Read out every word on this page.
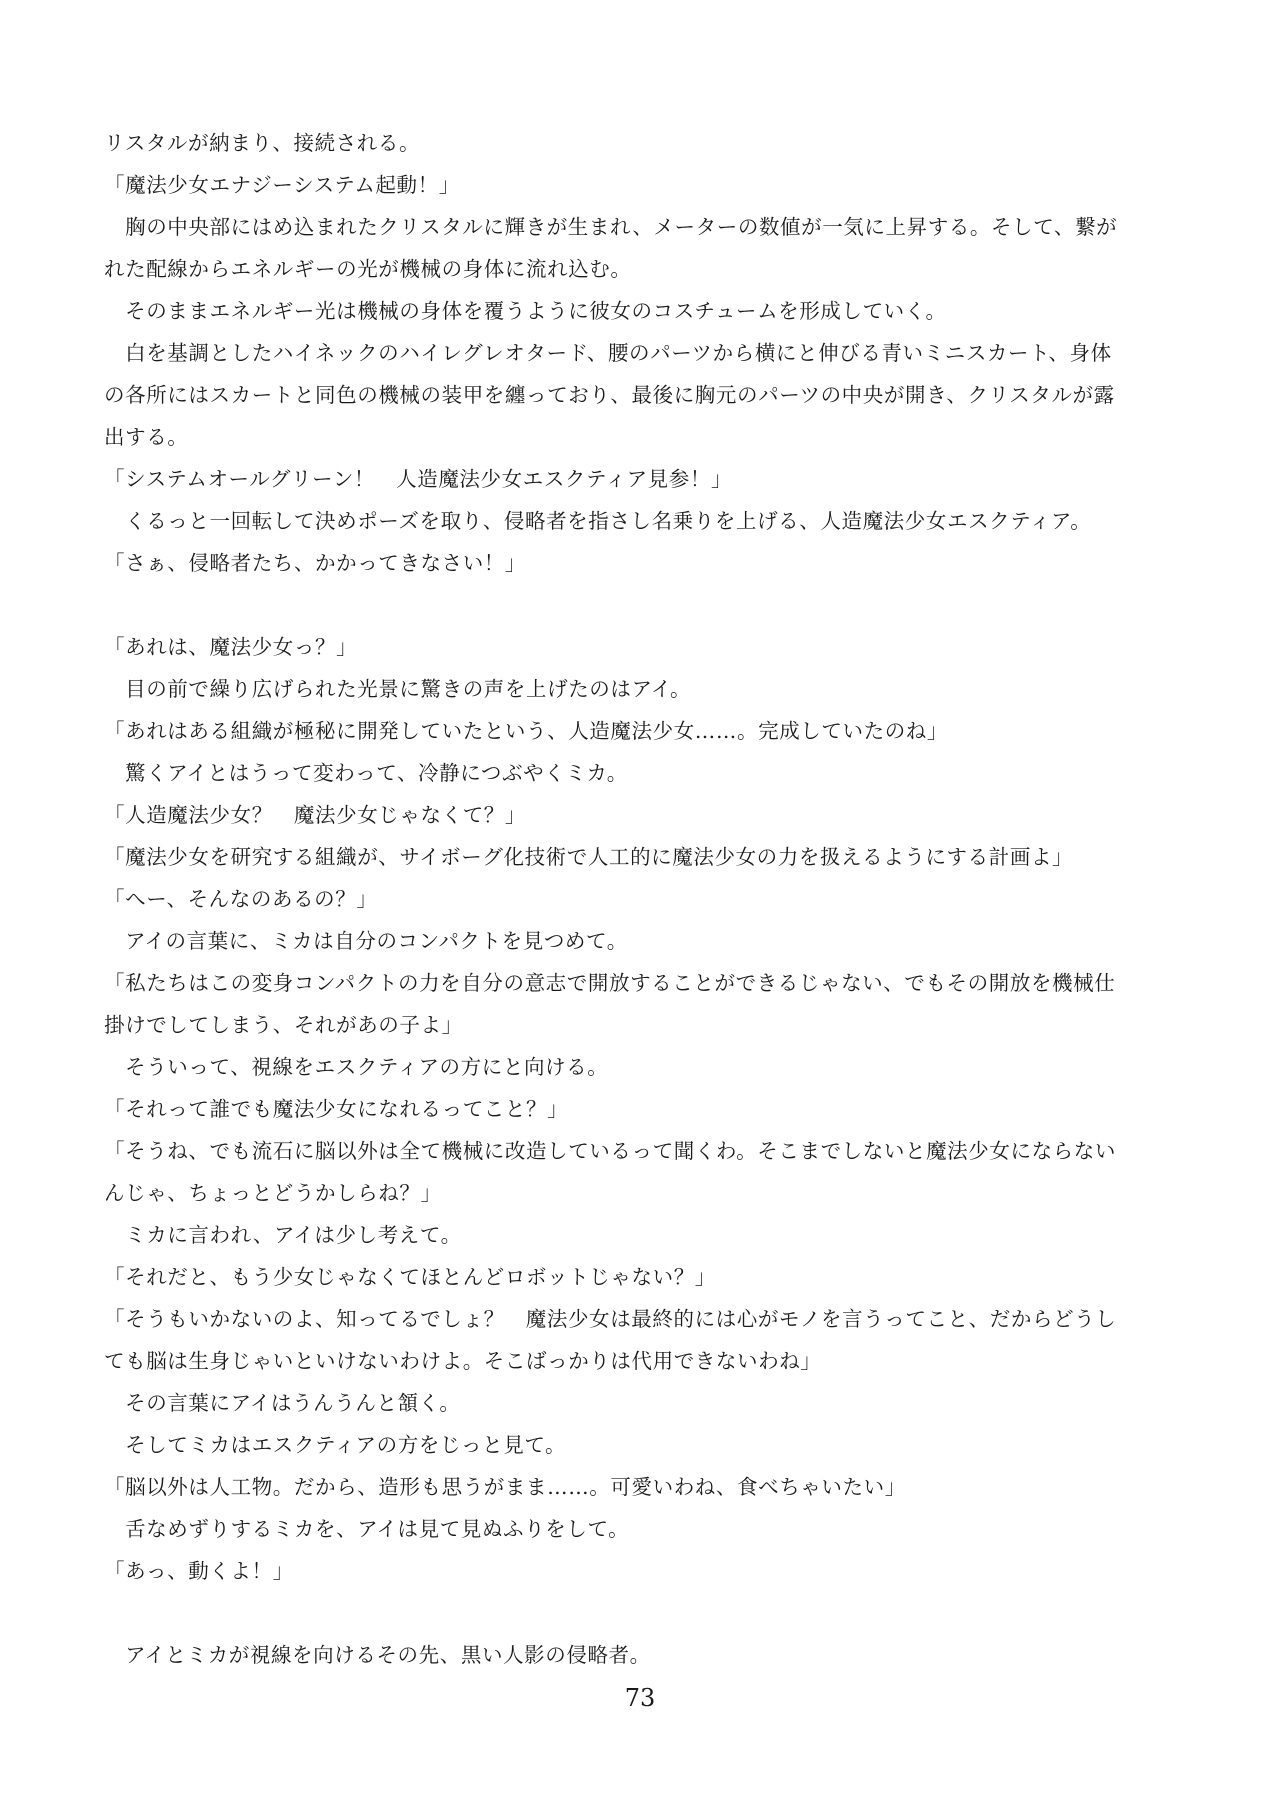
リスタルが納まり、接続される。
「魔法少女エナジーシステム起動！」
　胸の中央部にはめ込まれたクリスタルに輝きが生まれ、メーターの数値が一気に上昇する。そして、繋が
れた配線からエネルギーの光が機械の身体に流れ込む。
　そのままエネルギー光は機械の身体を覆うように彼女のコスチュームを形成していく。
　白を基調としたハイネックのハイレグレオタード、腰のパーツから横にと伸びる青いミニスカート、身体
の各所にはスカートと同色の機械の装甲を纏っており、最後に胸元のパーツの中央が開き、クリスタルが露
出する。
「システムオールグリーン！　人造魔法少女エスクティア見参！」
　くるっと一回転して決めポーズを取り、侵略者を指さし名乗りを上げる、人造魔法少女エスクティア。
「さぁ、侵略者たち、かかってきなさい！」
「あれは、魔法少女っ？」
　目の前で繰り広げられた光景に驚きの声を上げたのはアイ。
「あれはある組織が極秘に開発していたという、人造魔法少女……。完成していたのね」
　驚くアイとはうって変わって、冷静につぶやくミカ。
「人造魔法少女？　魔法少女じゃなくて？」
「魔法少女を研究する組織が、サイボーグ化技術で人工的に魔法少女の力を扱えるようにする計画よ」
「へー、そんなのあるの？」
　アイの言葉に、ミカは自分のコンパクトを見つめて。
「私たちはこの変身コンパクトの力を自分の意志で開放することができるじゃない、でもその開放を機械仕
掛けでしてしまう、それがあの子よ」
　そういって、視線をエスクティアの方にと向ける。
「それって誰でも魔法少女になれるってこと？」
「そうね、でも流石に脳以外は全て機械に改造しているって聞くわ。そこまでしないと魔法少女にならない
んじゃ、ちょっとどうかしらね？」
　ミカに言われ、アイは少し考えて。
「それだと、もう少女じゃなくてほとんどロボットじゃない？」
「そうもいかないのよ、知ってるでしょ？　魔法少女は最終的には心がモノを言うってこと、だからどうし
ても脳は生身じゃいといけないわけよ。そこばっかりは代用できないわね」
　その言葉にアイはうんうんと頷く。
　そしてミカはエスクティアの方をじっと見て。
「脳以外は人工物。だから、造形も思うがまま……。可愛いわね、食べちゃいたい」
　舌なめずりするミカを、アイは見て見ぬふりをして。
「あっ、動くよ！」
　アイとミカが視線を向けるその先、黒い人影の侵略者。
73
